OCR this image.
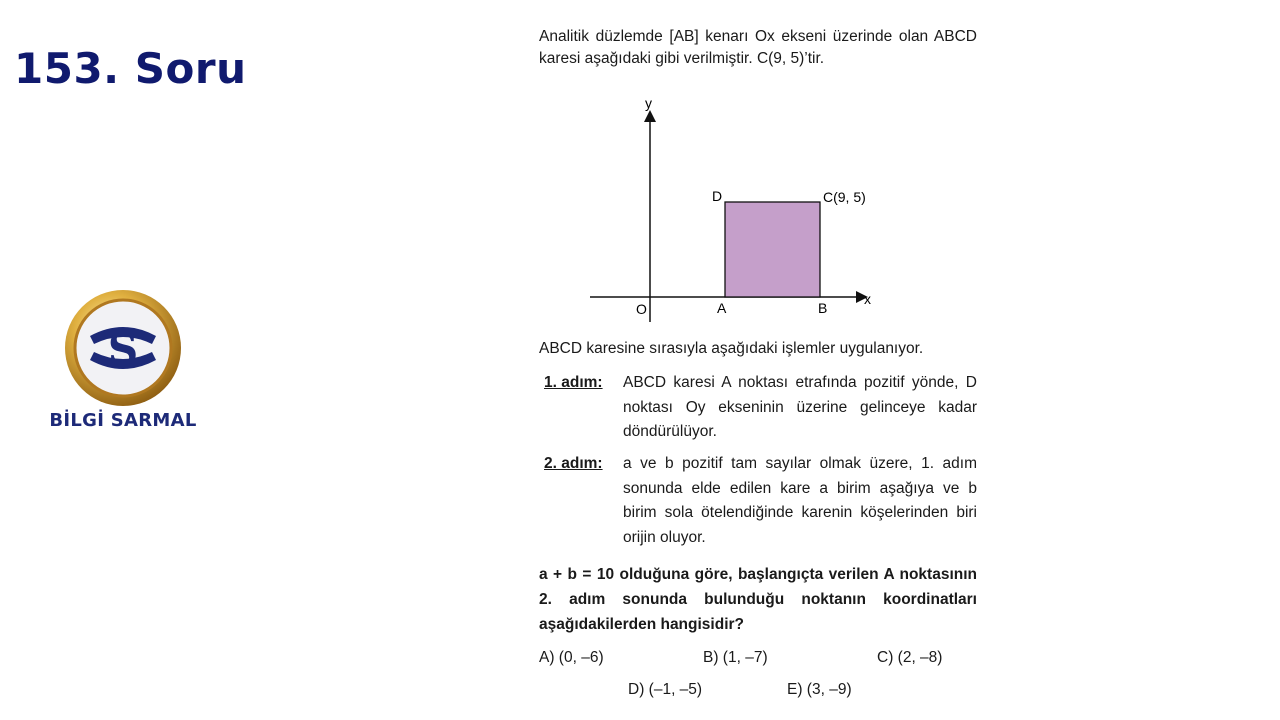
153. Soru
S
BİLGİ SARMAL

Analitik düzlemde [AB] kenarı Ox ekseni üzerinde olan ABCD karesi aşağıdaki gibi verilmiştir. C(9, 5)’tir.

y
x
O	A	B
C(9, 5)
D
ABCD karesine sırasıyla aşağıdaki işlemler uygulanıyor.
1. adım:	ABCD karesi A noktası etrafında pozitif yönde, D noktası Oy ekseninin üzerine gelinceye kadar döndürülüyor.
2. adım:	a ve b pozitif tam sayılar olmak üzere, 1. adım sonunda elde edilen kare a birim aşağıya ve b birim sola ötelendiğinde karenin köşelerinden biri orijin oluyor.
a + b = 10 olduğuna göre, başlangıçta verilen A noktasının 2. adım sonunda bulunduğu noktanın koordinatları aşağıdakilerden hangisidir?
A) (0, –6)	B) (1, –7)	C) (2, –8)
D) (–1, –5)	E) (3, –9)
